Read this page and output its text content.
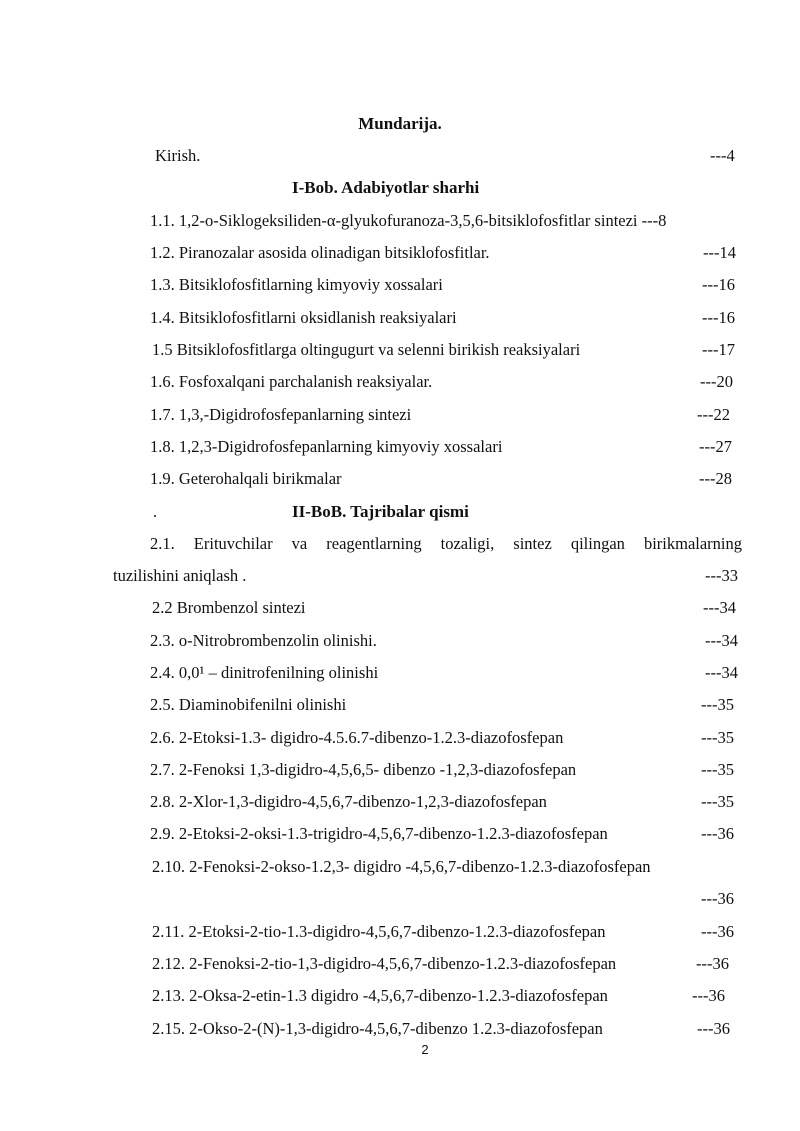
Mundarija.
Kirish.	---4
I-Bob. Adabiyotlar sharhi
1.1. 1,2-o-Siklogeksiliden-α-glyukofuranoza-3,5,6-bitsiklofosfitlar sintezi ---8
1.2. Piranozalar asosida olinadigan bitsiklofosfitlar.	---14
1.3. Bitsiklofosfitlarning kimyoviy xossalari	---16
1.4. Bitsiklofosfitlarni oksidlanish reaksiyalari	---16
1.5 Bitsiklofosfitlarga oltingugurt va selenni birikish reaksiyalari	---17
1.6. Fosfoxalqani parchalanish reaksiyalar.	---20
1.7. 1,3,-Digidrofosfepanlarning sintezi	---22
1.8. 1,2,3-Digidrofosfepanlarning kimyoviy xossalari	---27
1.9. Geterohalqali birikmalar	---28
.	II-BoB. Tajribalar qismi
2.1. Erituvchilar va reagentlarning tozaligi, sintez qilingan birikmalarning
tuzilishini aniqlash .	---33
2.2 Brombenzol sintezi	---34
2.3. o-Nitrobrombenzolin olinishi.	---34
2.4. 0,0¹ – dinitrofenilning olinishi	---34
2.5. Diaminobifenilni olinishi	---35
2.6. 2-Etoksi-1.3- digidro-4.5.6.7-dibenzo-1.2.3-diazofosfepan	---35
2.7. 2-Fenoksi 1,3-digidro-4,5,6,5- dibenzo -1,2,3-diazofosfepan	---35
2.8. 2-Xlor-1,3-digidro-4,5,6,7-dibenzo-1,2,3-diazofosfepan	---35
2.9. 2-Etoksi-2-oksi-1.3-trigidro-4,5,6,7-dibenzo-1.2.3-diazofosfepan	---36
2.10. 2-Fenoksi-2-okso-1.2,3- digidro -4,5,6,7-dibenzo-1.2.3-diazofosfepan
---36
2.11. 2-Etoksi-2-tio-1.3-digidro-4,5,6,7-dibenzo-1.2.3-diazofosfepan	---36
2.12. 2-Fenoksi-2-tio-1,3-digidro-4,5,6,7-dibenzo-1.2.3-diazofosfepan	---36
2.13. 2-Oksa-2-etin-1.3 digidro -4,5,6,7-dibenzo-1.2.3-diazofosfepan	---36
2.15. 2-Okso-2-(N)-1,3-digidro-4,5,6,7-dibenzo 1.2.3-diazofosfepan	---36
2
